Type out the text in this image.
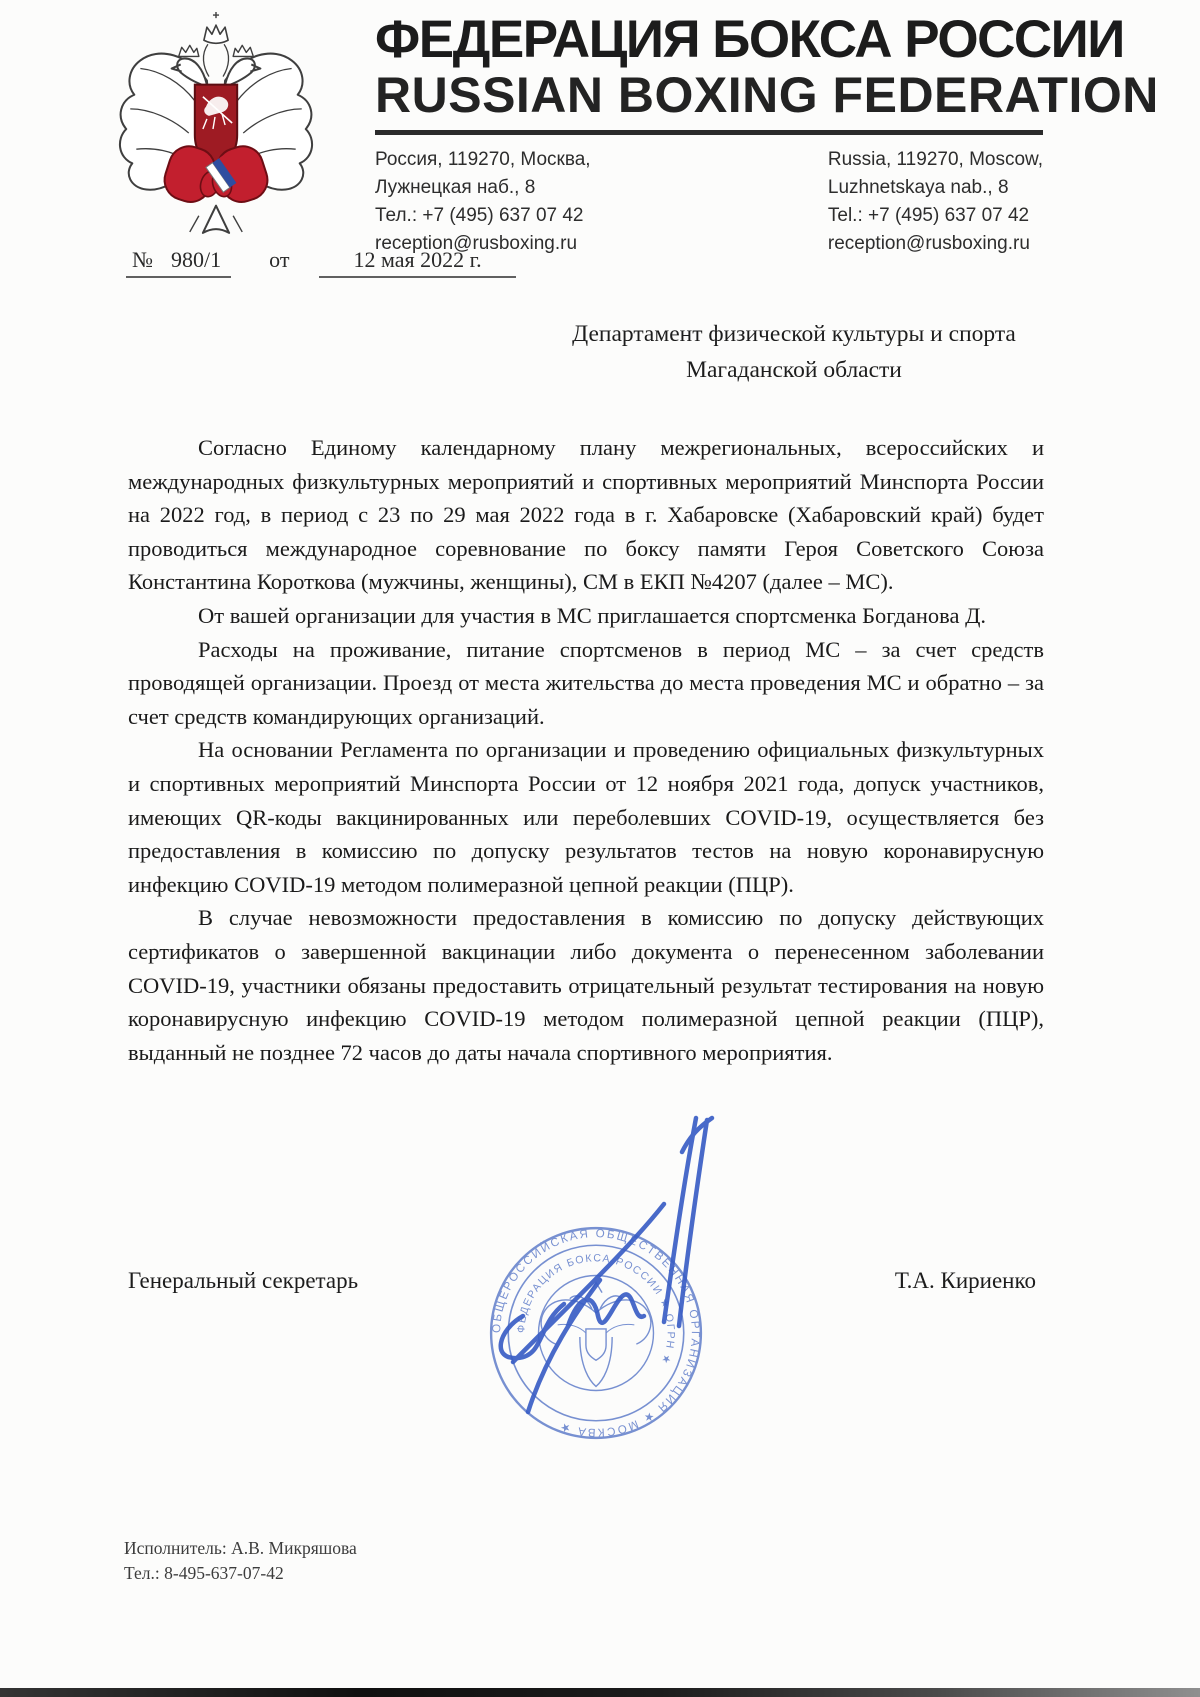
ФЕДЕРАЦИЯ БОКСА РОССИИ
RUSSIAN BOXING FEDERATION
Россия, 119270, Москва,
Лужнецкая наб., 8
Тел.: +7 (495) 637 07 42
reception@rusboxing.ru
Russia, 119270, Moscow,
Luzhnetskaya nab., 8
Tel.: +7 (495) 637 07 42
reception@rusboxing.ru
№ 980/1 от	12 мая 2022 г.
Департамент физической культуры и спорта
Магаданской области

Согласно Единому календарному плану межрегиональных, всероссийских и международных физкультурных мероприятий и спортивных мероприятий Минспорта России на 2022 год, в период с 23 по 29 мая 2022 года в г. Хабаровске (Хабаровский край) будет проводиться международное соревнование по боксу памяти Героя Советского Союза Константина Короткова (мужчины, женщины), СМ в ЕКП №4207 (далее – МС).

От вашей организации для участия в МС приглашается спортсменка Богданова Д.

Расходы на проживание, питание спортсменов в период МС – за счет средств проводящей организации. Проезд от места жительства до места проведения МС и обратно – за счет средств командирующих организаций.

На основании Регламента по организации и проведению официальных физкультурных и спортивных мероприятий Минспорта России от 12 ноября 2021 года, допуск участников, имеющих QR-коды вакцинированных или переболевших COVID-19, осуществляется без предоставления в комиссию по допуску результатов тестов на новую коронавирусную инфекцию COVID-19 методом полимеразной цепной реакции (ПЦР).

В случае невозможности предоставления в комиссию по допуску действующих сертификатов о завершенной вакцинации либо документа о перенесенном заболевании COVID-19, участники обязаны предоставить отрицательный результат тестирования на новую коронавирусную инфекцию COVID-19 методом полимеразной цепной реакции (ПЦР), выданный не позднее 72 часов до даты начала спортивного мероприятия.

Генеральный секретарь	Т.А. Кириенко
ОБЩЕРОССИЙСКАЯ ОБЩЕСТВЕННАЯ ОРГАНИЗАЦИЯ ★ МОСКВА ★
ФЕДЕРАЦИЯ БОКСА РОССИИ ★ ОГРН ★
Исполнитель: А.В. Микряшова
Тел.: 8-495-637-07-42
